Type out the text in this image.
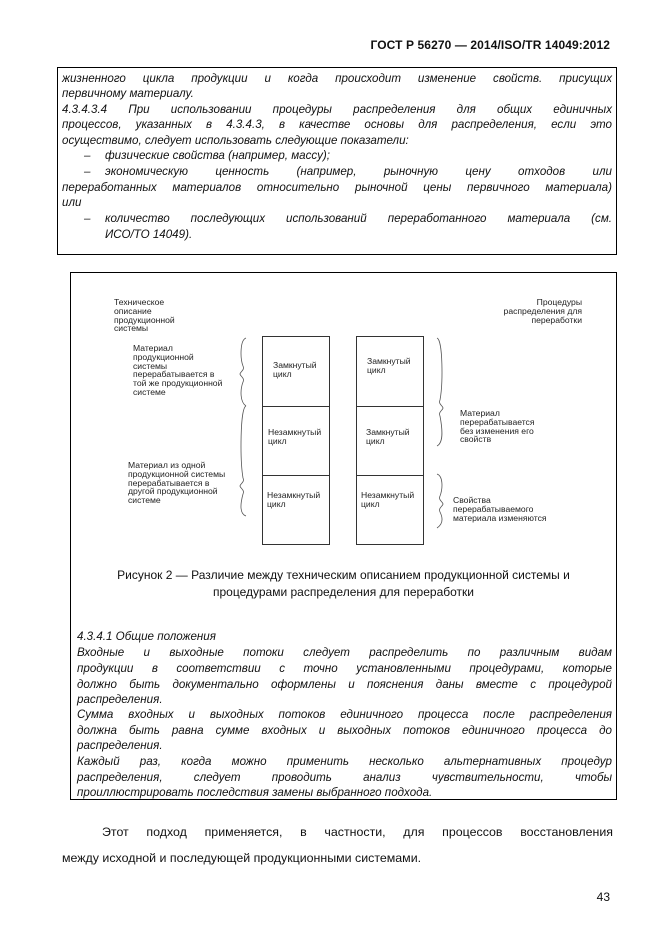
ГОСТ Р 56270 — 2014/ISO/TR 14049:2012
жизненного цикла продукции и когда происходит изменение свойств. присущих
первичному материалу.
4.3.4.3.4 При использовании процедуры распределения для общих единичных
процессов, указанных в 4.3.4.3, в качестве основы для распределения, если это
осуществимо, следует использовать следующие показатели:
– физические свойства (например, массу);
– экономическую ценность (например, рыночную цену отходов или
переработанных материалов относительно рыночной цены первичного материала)
или
– количество последующих использований переработанного материала (см.
ИСО/ТО 14049).
Техническое
описание
продукционной
системы
Процедуры
распределения для
переработки
Материал
продукционной
системы
перерабатывается в
той же продукционной
системе
Материал из одной
продукционной системы
перерабатывается в
другой продукционной
системе
Материал
перерабатывается
без изменения его
свойств
Свойства
перерабатываемого
материала изменяются
Замкнутый
цикл
Незамкнутый
цикл
Незамкнутый
цикл
Замкнутый
цикл
Замкнутый
цикл
Незамкнутый
цикл
Рисунок 2 — Различие между техническим описанием продукционной системы и
процедурами распределения для переработки
4.3.4.1 Общие положения
Входные и выходные потоки следует распределить по различным видам
продукции в соответствии с точно установленными процедурами, которые
должно быть документально оформлены и пояснения даны вместе с процедурой
распределения.
Сумма входных и выходных потоков единичного процесса после распределения
должна быть равна сумме входных и выходных потоков единичного процесса до
распределения.
Каждый раз, когда можно применить несколько альтернативных процедур
распределения, следует проводить анализ чувствительности, чтобы
проиллюстрировать последствия замены выбранного подхода.
Этот подход применяется, в частности, для процессов восстановления
между исходной и последующей продукционными системами.
43
